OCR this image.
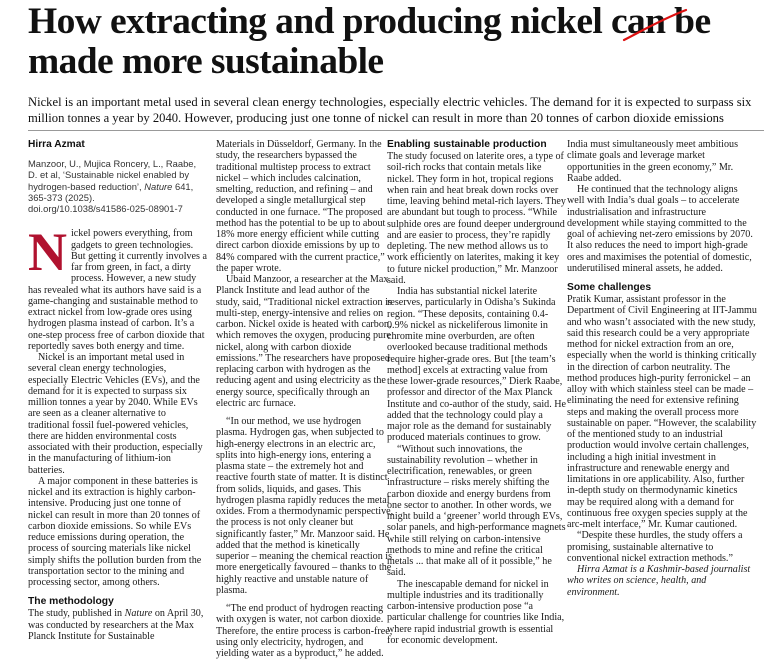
How extracting and producing nickel can be made more sustainable

Nickel is an important metal used in several clean energy technologies, especially electric vehicles. The demand for it is expected to surpass six million tonnes a year by 2040. However, producing just one tonne of nickel can result in more than 20 tonnes of carbon dioxide emissions

Hirra Azmat
Manzoor, U., Mujica Roncery, L., Raabe, D. et al, ‘Sustainable nickel enabled by hydrogen-based reduction’, Nature 641, 365-373 (2025).
doi.org/10.1038/s41586-025-08901-7

Nickel powers everything, from gadgets to green technologies. But getting it currently involves a far from green, in fact, a dirty process. However, a new study has revealed what its authors have said is a game-changing and sustainable method to extract nickel from low-grade ores using hydrogen plasma instead of carbon. It’s a one-step process free of carbon dioxide that reportedly saves both energy and time.

Nickel is an important metal used in several clean energy technologies, especially Electric Vehicles (EVs), and the demand for it is expected to surpass six million tonnes a year by 2040. While EVs are seen as a cleaner alternative to traditional fossil fuel-powered vehicles, there are hidden environmental costs associated with their production, especially in the manufacturing of lithium-ion batteries.

A major component in these batteries is nickel and its extraction is highly carbon-intensive. Producing just one tonne of nickel can result in more than 20 tonnes of carbon dioxide emissions. So while EVs reduce emissions during operation, the process of sourcing materials like nickel simply shifts the pollution burden from the transportation sector to the mining and processing sector, among others.

The methodology

The study, published in Nature on April 30, was conducted by researchers at the Max Planck Institute for Sustainable

Materials in Düsseldorf, Germany. In the study, the researchers bypassed the traditional multistep process to extract nickel – which includes calcination, smelting, reduction, and refining – and developed a single metallurgical step conducted in one furnace. “The proposed method has the potential to be up to about 18% more energy efficient while cutting direct carbon dioxide emissions by up to 84% compared with the current practice,” the paper wrote.

Ubaid Manzoor, a researcher at the Max Planck Institute and lead author of the study, said, “Traditional nickel extraction is multi-step, energy-intensive and relies on carbon. Nickel oxide is heated with carbon, which removes the oxygen, producing pure nickel, along with carbon dioxide emissions.” The researchers have proposed replacing carbon with hydrogen as the reducing agent and using electricity as the energy source, specifically through an electric arc furnace.

“In our method, we use hydrogen plasma. Hydrogen gas, when subjected to high-energy electrons in an electric arc, splits into high-energy ions, entering a plasma state – the extremely hot and reactive fourth state of matter. It is distinct from solids, liquids, and gases. This hydrogen plasma rapidly reduces the metal oxides. From a thermodynamic perspective, the process is not only cleaner but significantly faster,” Mr. Manzoor said. He added that the method is kinetically superior – meaning the chemical reaction is more energetically favoured – thanks to the highly reactive and unstable nature of plasma.

“The end product of hydrogen reacting with oxygen is water, not carbon dioxide. Therefore, the entire process is carbon-free, using only electricity, hydrogen, and yielding water as a byproduct,” he added.

Enabling sustainable production

The study focused on laterite ores, a type of soil-rich rocks that contain metals like nickel. They form in hot, tropical regions when rain and heat break down rocks over time, leaving behind metal-rich layers. They are abundant but tough to process. “While sulphide ores are found deeper underground and are easier to process, they’re rapidly depleting. The new method allows us to work efficiently on laterites, making it key to future nickel production,” Mr. Manzoor said.

India has substantial nickel laterite reserves, particularly in Odisha’s Sukinda region. “These deposits, containing 0.4-0.9% nickel as nickeliferous limonite in chromite mine overburden, are often overlooked because traditional methods require higher-grade ores. But [the team’s method] excels at extracting value from these lower-grade resources,” Dierk Raabe, professor and director of the Max Planck Institute and co-author of the study, said. He added that the technology could play a major role as the demand for sustainably produced materials continues to grow.

“Without such innovations, the sustainability revolution – whether in electrification, renewables, or green infrastructure – risks merely shifting the carbon dioxide and energy burdens from one sector to another. In other words, we might build a ‘greener’ world through EVs, solar panels, and high-performance magnets while still relying on carbon-intensive methods to mine and refine the critical metals ... that make all of it possible,” he said.

The inescapable demand for nickel in multiple industries and its traditionally carbon-intensive production pose “a particular challenge for countries like India, where rapid industrial growth is essential for economic development.

India must simultaneously meet ambitious climate goals and leverage market opportunities in the green economy,” Mr. Raabe added.

He continued that the technology aligns well with India’s dual goals – to accelerate industrialisation and infrastructure development while staying committed to the goal of achieving net-zero emissions by 2070. It also reduces the need to import high-grade ores and maximises the potential of domestic, underutilised mineral assets, he added.

Some challenges

Pratik Kumar, assistant professor in the Department of Civil Engineering at IIT-Jammu and who wasn’t associated with the new study, said this research could be a very appropriate method for nickel extraction from an ore, especially when the world is thinking critically in the direction of carbon neutrality. The method produces high-purity ferronickel – an alloy with which stainless steel can be made – eliminating the need for extensive refining steps and making the overall process more sustainable on paper. “However, the scalability of the mentioned study to an industrial production would involve certain challenges, including a high initial investment in infrastructure and renewable energy and limitations in ore applicability. Also, further in-depth study on thermodynamic kinetics may be required along with a demand for continuous free oxygen species supply at the arc-melt interface,” Mr. Kumar cautioned.

“Despite these hurdles, the study offers a promising, sustainable alternative to conventional nickel extraction methods.”

Hirra Azmat is a Kashmir-based journalist who writes on science, health, and environment.
